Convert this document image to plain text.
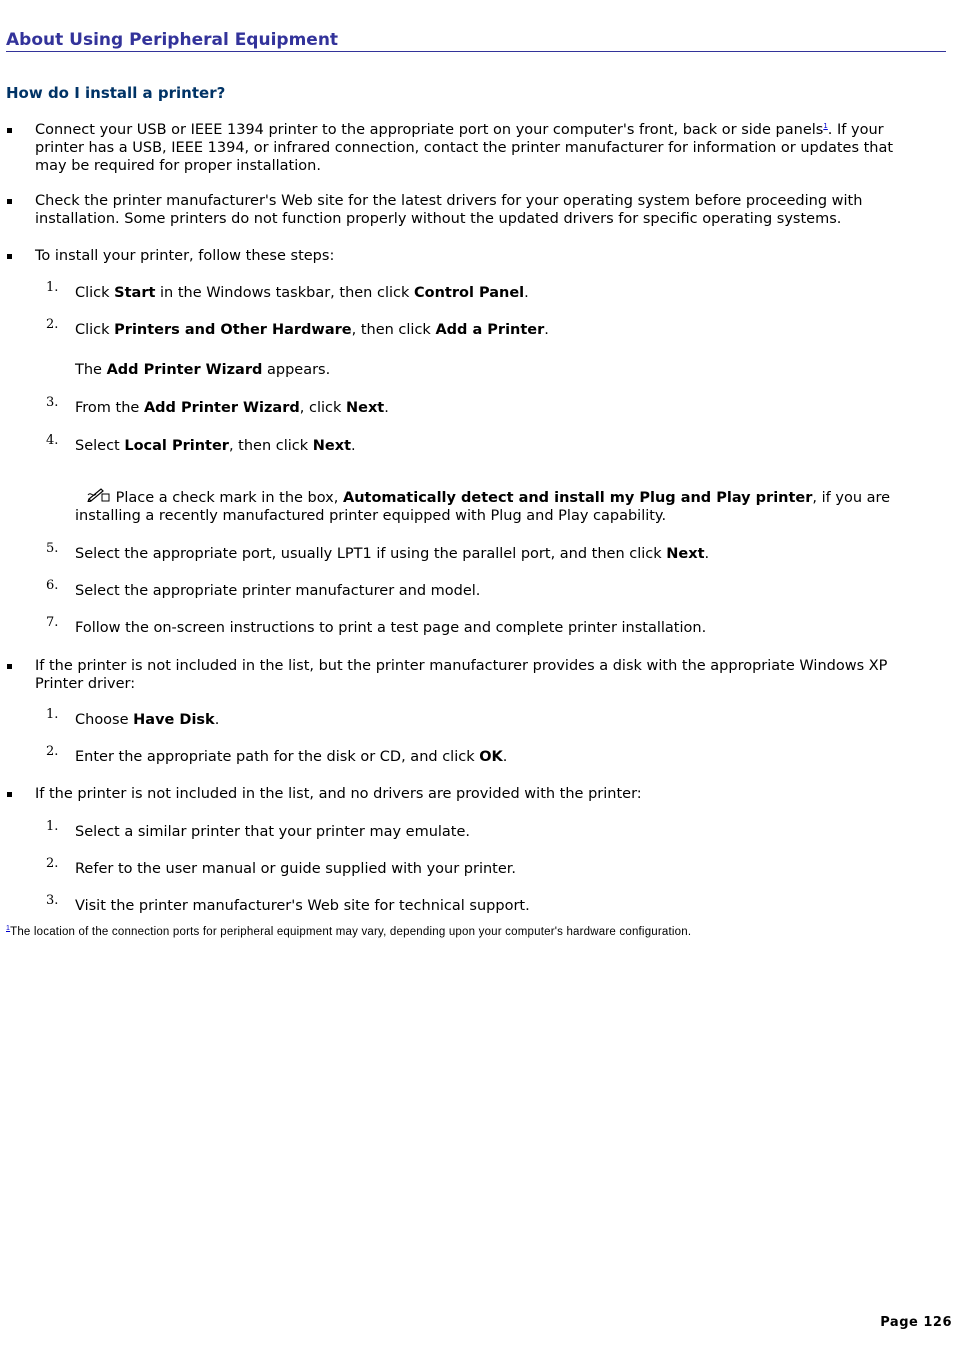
About Using Peripheral Equipment
How do I install a printer?
Connect your USB or IEEE 1394 printer to the appropriate port on your computer's front, back or side panels$^1$. If your printer has a USB, IEEE 1394, or infrared connection, contact the printer manufacturer for information or updates that may be required for proper installation.
Check the printer manufacturer's Web site for the latest drivers for your operating system before proceeding with installation. Some printers do not function properly without the updated drivers for specific operating systems.
To install your printer, follow these steps:
1. Click Start in the Windows taskbar, then click Control Panel.
2. Click Printers and Other Hardware, then click Add a Printer.
The Add Printer Wizard appears.
3. From the Add Printer Wizard, click Next.
4. Select Local Printer, then click Next.
Place a check mark in the box, Automatically detect and install my Plug and Play printer, if you are installing a recently manufactured printer equipped with Plug and Play capability.
5. Select the appropriate port, usually LPT1 if using the parallel port, and then click Next.
6. Select the appropriate printer manufacturer and model.
7. Follow the on-screen instructions to print a test page and complete printer installation.
If the printer is not included in the list, but the printer manufacturer provides a disk with the appropriate Windows XP Printer driver:
1. Choose Have Disk.
2. Enter the appropriate path for the disk or CD, and click OK.
If the printer is not included in the list, and no drivers are provided with the printer:
1. Select a similar printer that your printer may emulate.
2. Refer to the user manual or guide supplied with your printer.
3. Visit the printer manufacturer's Web site for technical support.
$^1$The location of the connection ports for peripheral equipment may vary, depending upon your computer's hardware configuration.
Page 126
